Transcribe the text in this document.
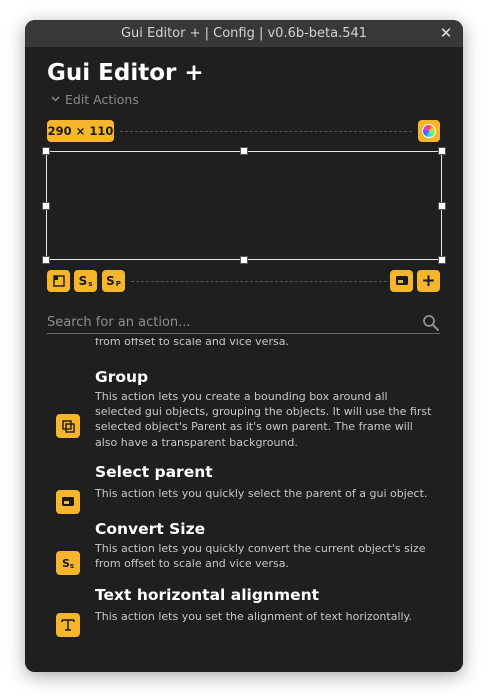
Gui Editor + | Config | v0.6b-beta.541	✕
Gui Editor +
Edit Actions
290 × 110
$S_s$ $S_P$	+
Search for an action...
from offset to scale and vice versa.
Group
This action lets you create a bounding box around all selected gui objects, grouping the objects. It will use the first selected object's Parent as it's own parent. The frame will also have a transparent background.
Select parent
This action lets you quickly select the parent of a gui object.
$S_s$
Convert Size
This action lets you quickly convert the current object's size from offset to scale and vice versa.
Text horizontal alignment
This action lets you set the alignment of text horizontally.
